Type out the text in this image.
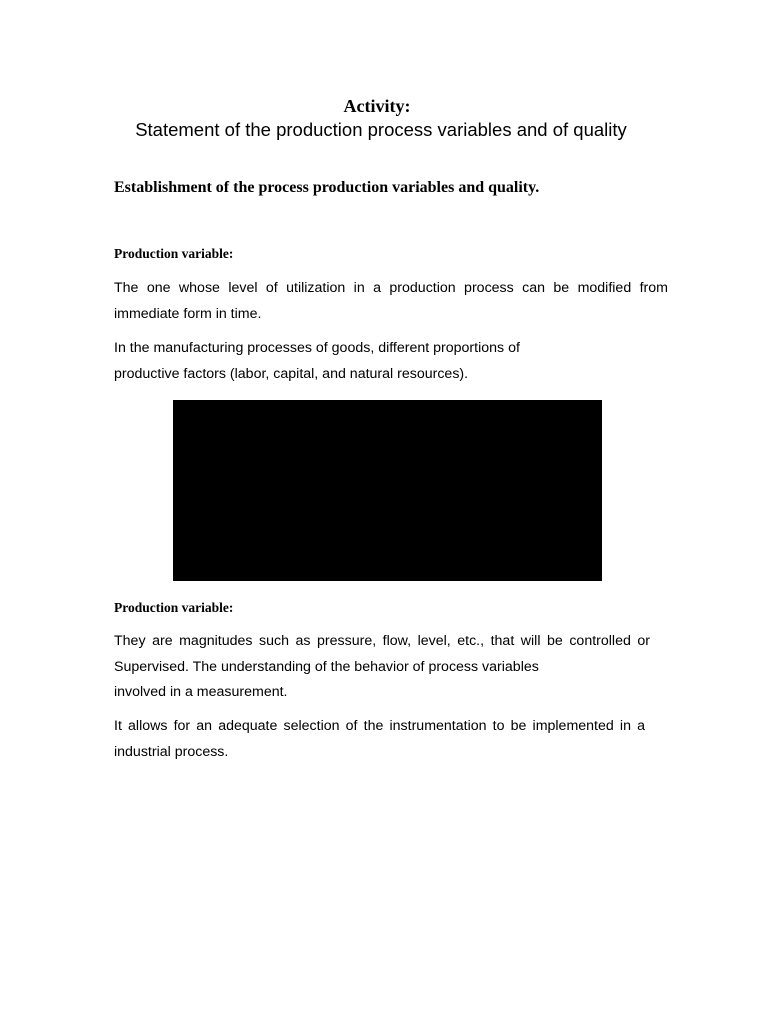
Activity:
Statement of the production process variables and of quality
Establishment of the process production variables and quality.

Production variable:

The one whose level of utilization in a production process can be modified from immediate form in time.

In the manufacturing processes of goods, different proportions of
productive factors (labor, capital, and natural resources).

Production variable:

They are magnitudes such as pressure, flow, level, etc., that will be controlled or
Supervised. The understanding of the behavior of process variables
involved in a measurement.

It allows for an adequate selection of the instrumentation to be implemented in a industrial process.
